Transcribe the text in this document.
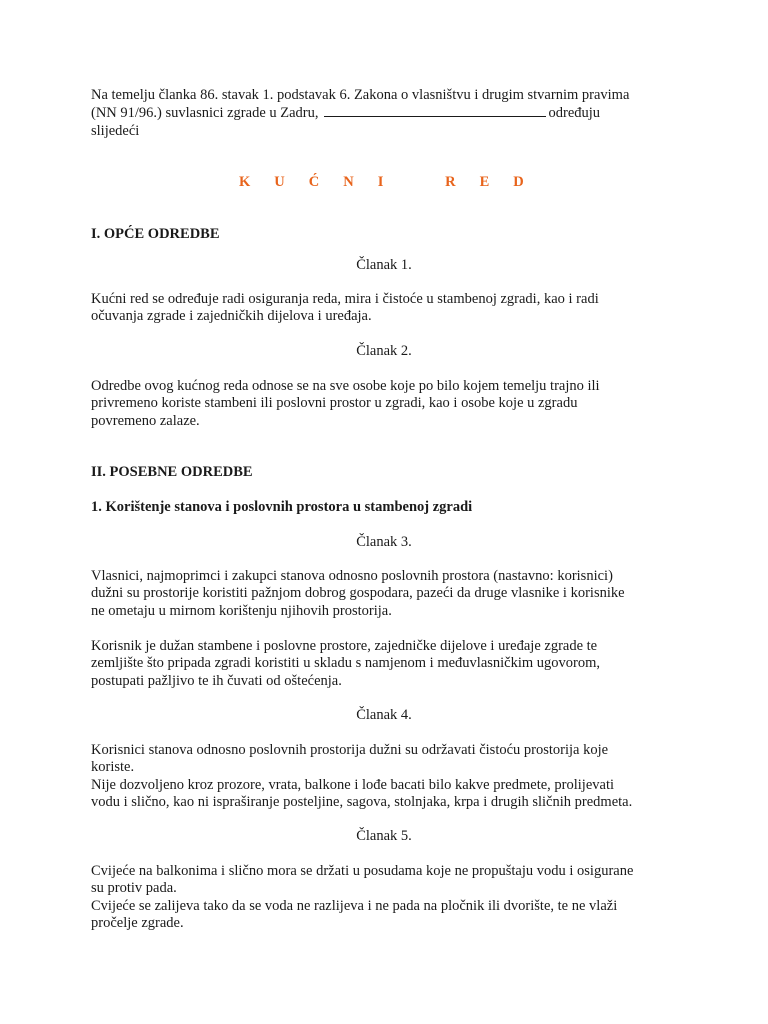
Na temelju članka 86. stavak 1. podstavak 6. Zakona o vlasništvu i drugim stvarnim pravima
(NN 91/96.) suvlasnici zgrade u Zadru,	određuju
slijedeći

K U Ć N I   R E D

I. OPĆE ODREDBE

Članak 1.

Kućni red se određuje radi osiguranja reda, mira i čistoće u stambenoj zgradi, kao i radi
očuvanja zgrade i zajedničkih dijelova i uređaja.

Članak 2.

Odredbe ovog kućnog reda odnose se na sve osobe koje po bilo kojem temelju trajno ili
privremeno koriste stambeni ili poslovni prostor u zgradi, kao i osobe koje u zgradu
povremeno zalaze.

II. POSEBNE ODREDBE

1. Korištenje stanova i poslovnih prostora u stambenoj zgradi

Članak 3.

Vlasnici, najmoprimci i zakupci stanova odnosno poslovnih prostora (nastavno: korisnici)
dužni su prostorije koristiti pažnjom dobrog gospodara, pazeći da druge vlasnike i korisnike
ne ometaju u mirnom korištenju njihovih prostorija.
Korisnik je dužan stambene i poslovne prostore, zajedničke dijelove i uređaje zgrade te
zemljište što pripada zgradi koristiti u skladu s namjenom i međuvlasničkim ugovorom,
postupati pažljivo te ih čuvati od oštećenja.

Članak 4.

Korisnici stanova odnosno poslovnih prostorija dužni su održavati čistoću prostorija koje
koriste.
Nije dozvoljeno kroz prozore, vrata, balkone i lođe bacati bilo kakve predmete, prolijevati
vodu i slično, kao ni ispraširanje posteljine, sagova, stolnjaka, krpa i drugih sličnih predmeta.

Članak 5.

Cvijeće na balkonima i slično mora se držati u posudama koje ne propuštaju vodu i osigurane
su protiv pada.
Cvijeće se zalijeva tako da se voda ne razlijeva i ne pada na pločnik ili dvorište, te ne vlaži
pročelje zgrade.
